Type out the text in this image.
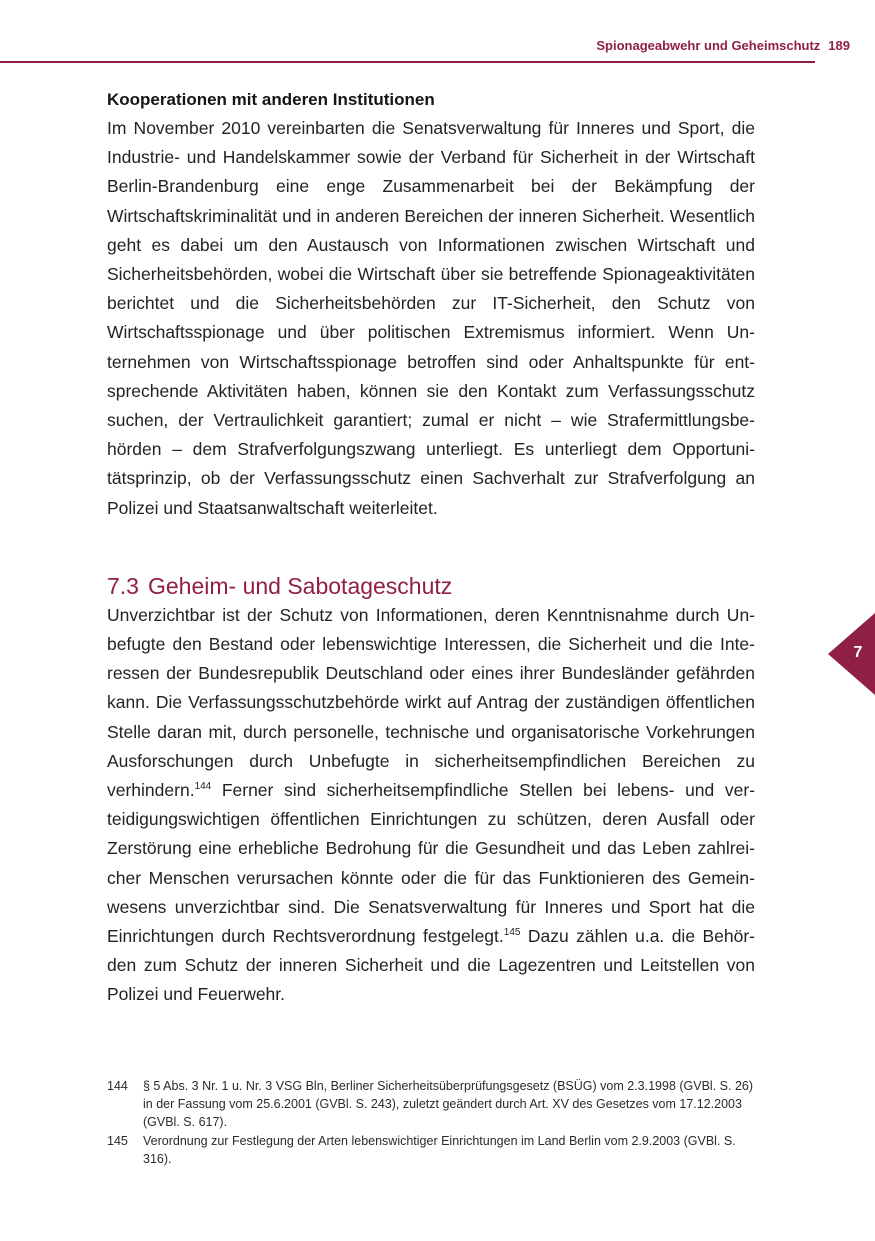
Spionageabwehr und Geheimschutz 189
7
Kooperationen mit anderen Institutionen

Im November 2010 vereinbarten die Senatsverwaltung für Inneres und Sport, die Industrie- und Handelskammer sowie der Verband für Sicherheit in der Wirtschaft Berlin-Brandenburg eine enge Zusammenarbeit bei der Bekämpfung der Wirtschaftskriminalität und in anderen Bereichen der inneren Sicherheit. Wesentlich geht es dabei um den Austausch von Informationen zwischen Wirtschaft und Sicherheitsbehörden, wobei die Wirtschaft über sie betreffende Spionageaktivitäten berichtet und die Sicherheitsbehörden zur IT-Sicherheit, den Schutz von Wirtschaftsspionage und über politischen Extremismus informiert. Wenn Unternehmen von Wirtschaftsspionage betroffen sind oder Anhaltspunkte für entsprechende Aktivitäten haben, können sie den Kontakt zum Verfassungsschutz suchen, der Vertraulichkeit garantiert; zumal er nicht – wie Strafermittlungsbehörden – dem Strafverfolgungszwang unterliegt. Es unterliegt dem Opportunitätsprinzip, ob der Verfassungsschutz einen Sachverhalt zur Strafverfolgung an Polizei und Staatsanwaltschaft weiterleitet.

7.3 Geheim- und Sabotageschutz

Unverzichtbar ist der Schutz von Informationen, deren Kenntnisnahme durch Unbefugte den Bestand oder lebenswichtige Interessen, die Sicherheit und die Interessen der Bundesrepublik Deutschland oder eines ihrer Bundesländer gefährden kann. Die Verfassungsschutzbehörde wirkt auf Antrag der zuständigen öffentlichen Stelle daran mit, durch personelle, technische und organisatorische Vorkehrungen Ausforschungen durch Unbefugte in sicherheitsempfindlichen Bereichen zu verhindern.$^{144}$ Ferner sind sicherheitsempfindliche Stellen bei lebens- und verteidigungswichtigen öffentlichen Einrichtungen zu schützen, deren Ausfall oder Zerstörung eine erhebliche Bedrohung für die Gesundheit und das Leben zahlreicher Menschen verursachen könnte oder die für das Funktionieren des Gemeinwesens unverzichtbar sind. Die Senatsverwaltung für Inneres und Sport hat die Einrichtungen durch Rechtsverordnung festgelegt.$^{145}$ Dazu zählen u.a. die Behörden zum Schutz der inneren Sicherheit und die Lagezentren und Leitstellen von Polizei und Feuerwehr.

144	§ 5 Abs. 3 Nr. 1 u. Nr. 3 VSG Bln, Berliner Sicherheitsüberprüfungsgesetz (BSÜG) vom 2.3.1998 (GVBl. S. 26) in der Fassung vom 25.6.2001 (GVBl. S. 243), zuletzt geändert durch Art. XV des Gesetzes vom 17.12.2003 (GVBl. S. 617).
145	Verordnung zur Festlegung der Arten lebenswichtiger Einrichtungen im Land Berlin vom 2.9.2003 (GVBl. S. 316).
